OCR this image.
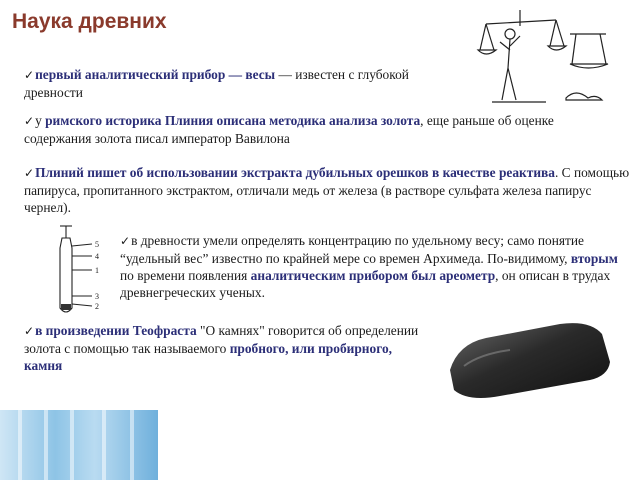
Наука древних
✓первый аналитический прибор — весы — известен с глубокой древности
✓у римского историка Плиния описана методика анализа золота, еще раньше об оценке содержания золота писал император Вавилона
✓Плиний пишет об использовании экстракта дубильных орешков в качестве реактива. С помощью папируса, пропитанного экстрактом, отличали медь от железа (в растворе сульфата железа папирус чернел).
5
4
1
3
2
✓в древности умели определять концентрацию по удельному весу; само понятие “удельный вес” известно по крайней мере со времен Архимеда. По-видимому, вторым по времени появления аналитическим прибором был ареометр, он описан в трудах древнегреческих ученых.
✓в произведении Теофраста "О камнях" говорится об определении золота с помощью так называемого пробного, или пробирного, камня
